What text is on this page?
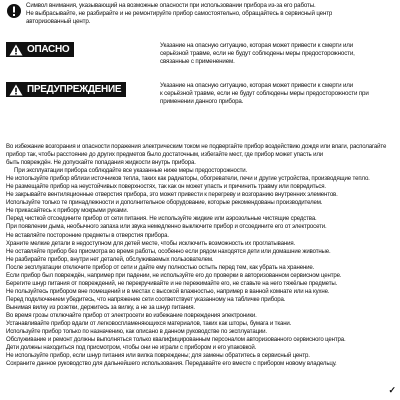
Символ внимания, указывающий на возможные опасности при использовании прибора из-за его работы.
Не выбрасывайте, не разбирайте и не ремонтируйте прибор самостоятельно, обращайтесь в сервисный центр
авторизованный центр.
ОПАСНО	Указание на опасную ситуацию, которая может привести к смерти или
серьёзной травме, если не будут соблюдены меры предосторожности,
связанные с применением.
ПРЕДУПРЕЖДЕНИЕ	Указание на опасную ситуацию, которая может привести к смерти или
к серьёзной травме, если не будут соблюдены меры предосторожности при
применении данного прибора.

Во избежание возгорания и опасности поражения электрическим током не подвергайте прибор воздействию дождя или влаги, располагайте

прибор так, чтобы расстояние до других предметов было достаточным, избегайте мест, где прибор может упасть или

быть повреждён. Не допускайте попадания жидкости внутрь прибора.

При эксплуатации прибора соблюдайте все указанные ниже меры предосторожности.

Не используйте прибор вблизи источников тепла, таких как радиаторы, обогреватели, печи и другие устройства, производящие тепло.

Не размещайте прибор на неустойчивых поверхностях, так как он может упасть и причинить травму или повредиться.

Не закрывайте вентиляционные отверстия прибора, это может привести к перегреву и возгоранию внутренних элементов.

Используйте только те принадлежности и дополнительное оборудование, которые рекомендованы производителем.

Не прикасайтесь к прибору мокрыми руками.

Перед чисткой отсоедините прибор от сети питания. Не используйте жидкие или аэрозольные чистящие средства.

При появлении дыма, необычного запаха или звука немедленно выключите прибор и отсоедините его от электросети.

Не вставляйте посторонние предметы в отверстия прибора.

Храните мелкие детали в недоступном для детей месте, чтобы исключить возможность их проглатывания.

Не оставляйте прибор без присмотра во время работы, особенно если рядом находятся дети или домашние животные.

Не разбирайте прибор, внутри нет деталей, обслуживаемых пользователем.

После эксплуатации отключите прибор от сети и дайте ему полностью остыть перед тем, как убрать на хранение.

Если прибор был повреждён, например при падении, не используйте его до проверки в авторизованном сервисном центре.

Берегите шнур питания от повреждений, не перекручивайте и не пережимайте его, не ставьте на него тяжёлые предметы.

Не пользуйтесь прибором вне помещений и в местах с высокой влажностью, например в ванной комнате или на кухне.

Перед подключением убедитесь, что напряжение сети соответствует указанному на табличке прибора.

Вынимая вилку из розетки, держитесь за вилку, а не за шнур питания.

Во время грозы отключайте прибор от электросети во избежание повреждения электроники.

Устанавливайте прибор вдали от легковоспламеняющихся материалов, таких как шторы, бумага и ткани.

Используйте прибор только по назначению, как описано в данном руководстве по эксплуатации.

Обслуживание и ремонт должны выполняться только квалифицированным персоналом авторизованного сервисного центра.

Дети должны находиться под присмотром, чтобы они не играли с прибором и его упаковкой.

Не используйте прибор, если шнур питания или вилка повреждены; для замены обратитесь в сервисный центр.

Сохраните данное руководство для дальнейшего использования. Передавайте его вместе с прибором новому владельцу.

✓
